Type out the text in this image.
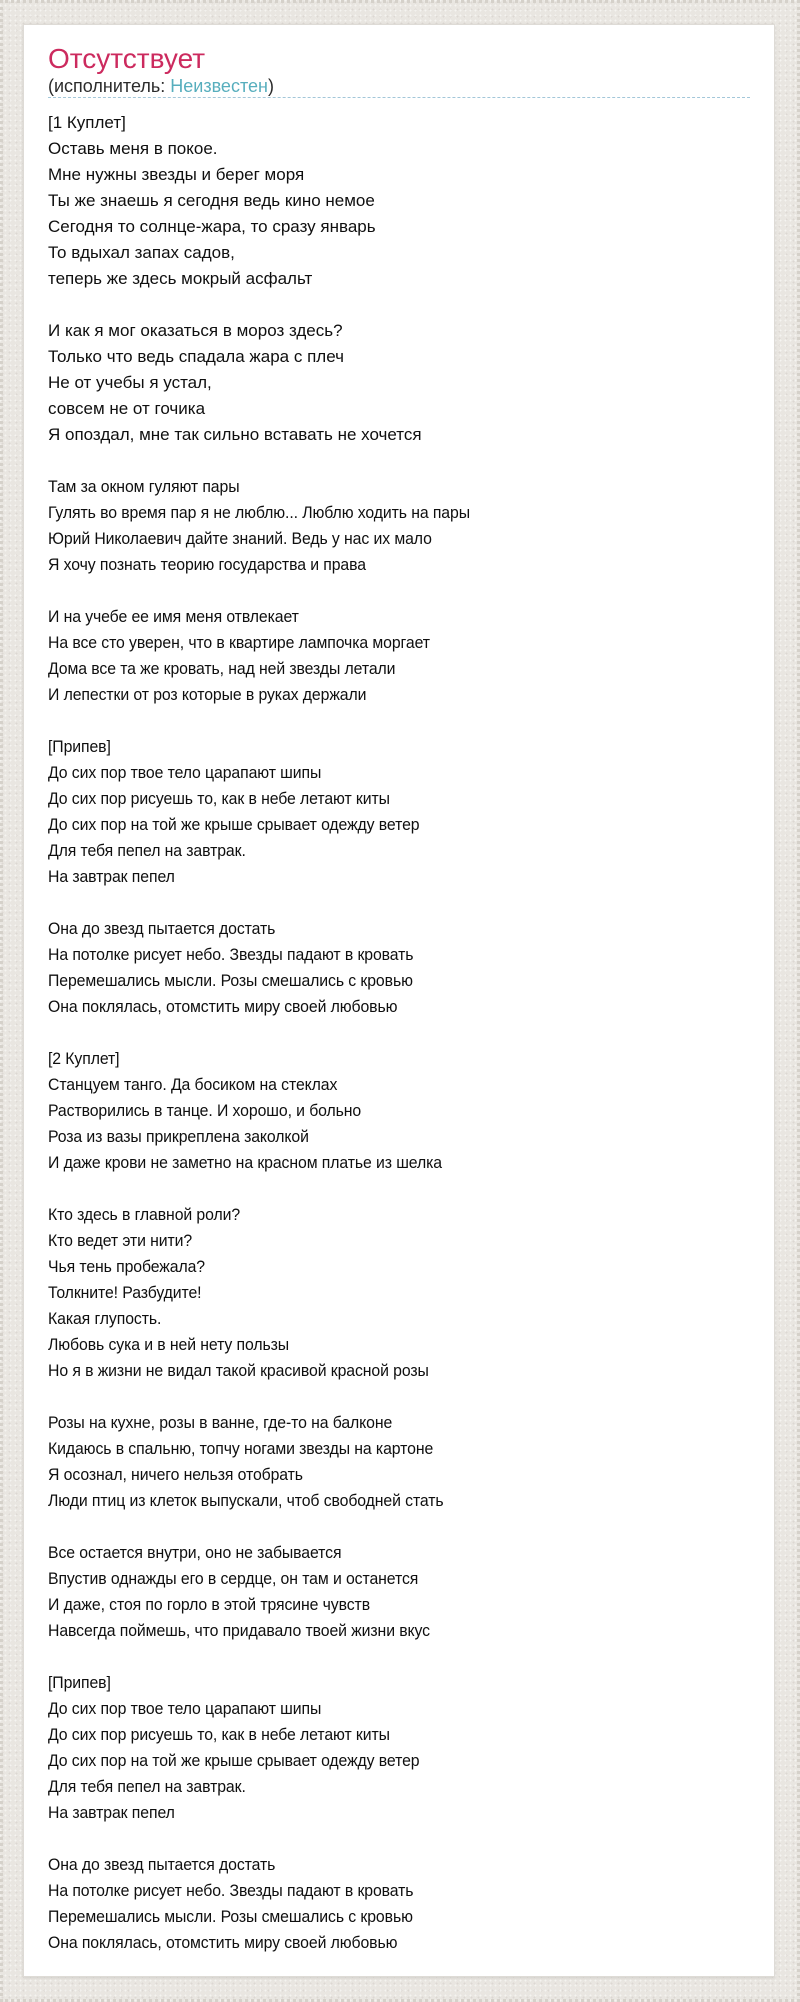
Отсутствует
(исполнитель: Неизвестен)
[1 Куплет]
Оставь меня в покое.
Мне нужны звезды и берег моря
Ты же знаешь я сегодня ведь кино немое
Сегодня то солнце-жара, то сразу январь
То вдыхал запах садов,
теперь же здесь мокрый асфальт
И как я мог оказаться в мороз здесь?
Только что ведь спадала жара с плеч
Не от учебы я устал,
совсем не от гочика
Я опоздал, мне так сильно вставать не хочется
Там за окном гуляют пары
Гулять во время пар я не люблю... Люблю ходить на пары
Юрий Николаевич дайте знаний. Ведь у нас их мало
Я хочу познать теорию государства и права
И на учебе ее имя меня отвлекает
На все сто уверен, что в квартире лампочка моргает
Дома все та же кровать, над ней звезды летали
И лепестки от роз которые в руках держали
[Припев]
До сих пор твое тело царапают шипы
До сих пор рисуешь то, как в небе летают киты
До сих пор на той же крыше срывает одежду ветер
Для тебя пепел на завтрак.
На завтрак пепел
Она до звезд пытается достать
На потолке рисует небо. Звезды падают в кровать
Перемешались мысли. Розы смешались с кровью
Она поклялась, отомстить миру своей любовью
[2 Куплет]
Станцуем танго. Да босиком на стеклах
Растворились в танце. И хорошо, и больно
Роза из вазы прикреплена заколкой
И даже крови не заметно на красном платье из шелка
Кто здесь в главной роли?
Кто ведет эти нити?
Чья тень пробежала?
Толкните! Разбудите!
Какая глупость.
Любовь сука и в ней нету пользы
Но я в жизни не видал такой красивой красной розы
Розы на кухне, розы в ванне, где-то на балконе
Кидаюсь в спальню, топчу ногами звезды на картоне
Я осознал, ничего нельзя отобрать
Люди птиц из клеток выпускали, чтоб свободней стать
Все остается внутри, оно не забывается
Впустив однажды его в сердце, он там и останется
И даже, стоя по горло в этой трясине чувств
Навсегда поймешь, что придавало твоей жизни вкус
[Припев]
До сих пор твое тело царапают шипы
До сих пор рисуешь то, как в небе летают киты
До сих пор на той же крыше срывает одежду ветер
Для тебя пепел на завтрак.
На завтрак пепел
Она до звезд пытается достать
На потолке рисует небо. Звезды падают в кровать
Перемешались мысли. Розы смешались с кровью
Она поклялась, отомстить миру своей любовью
